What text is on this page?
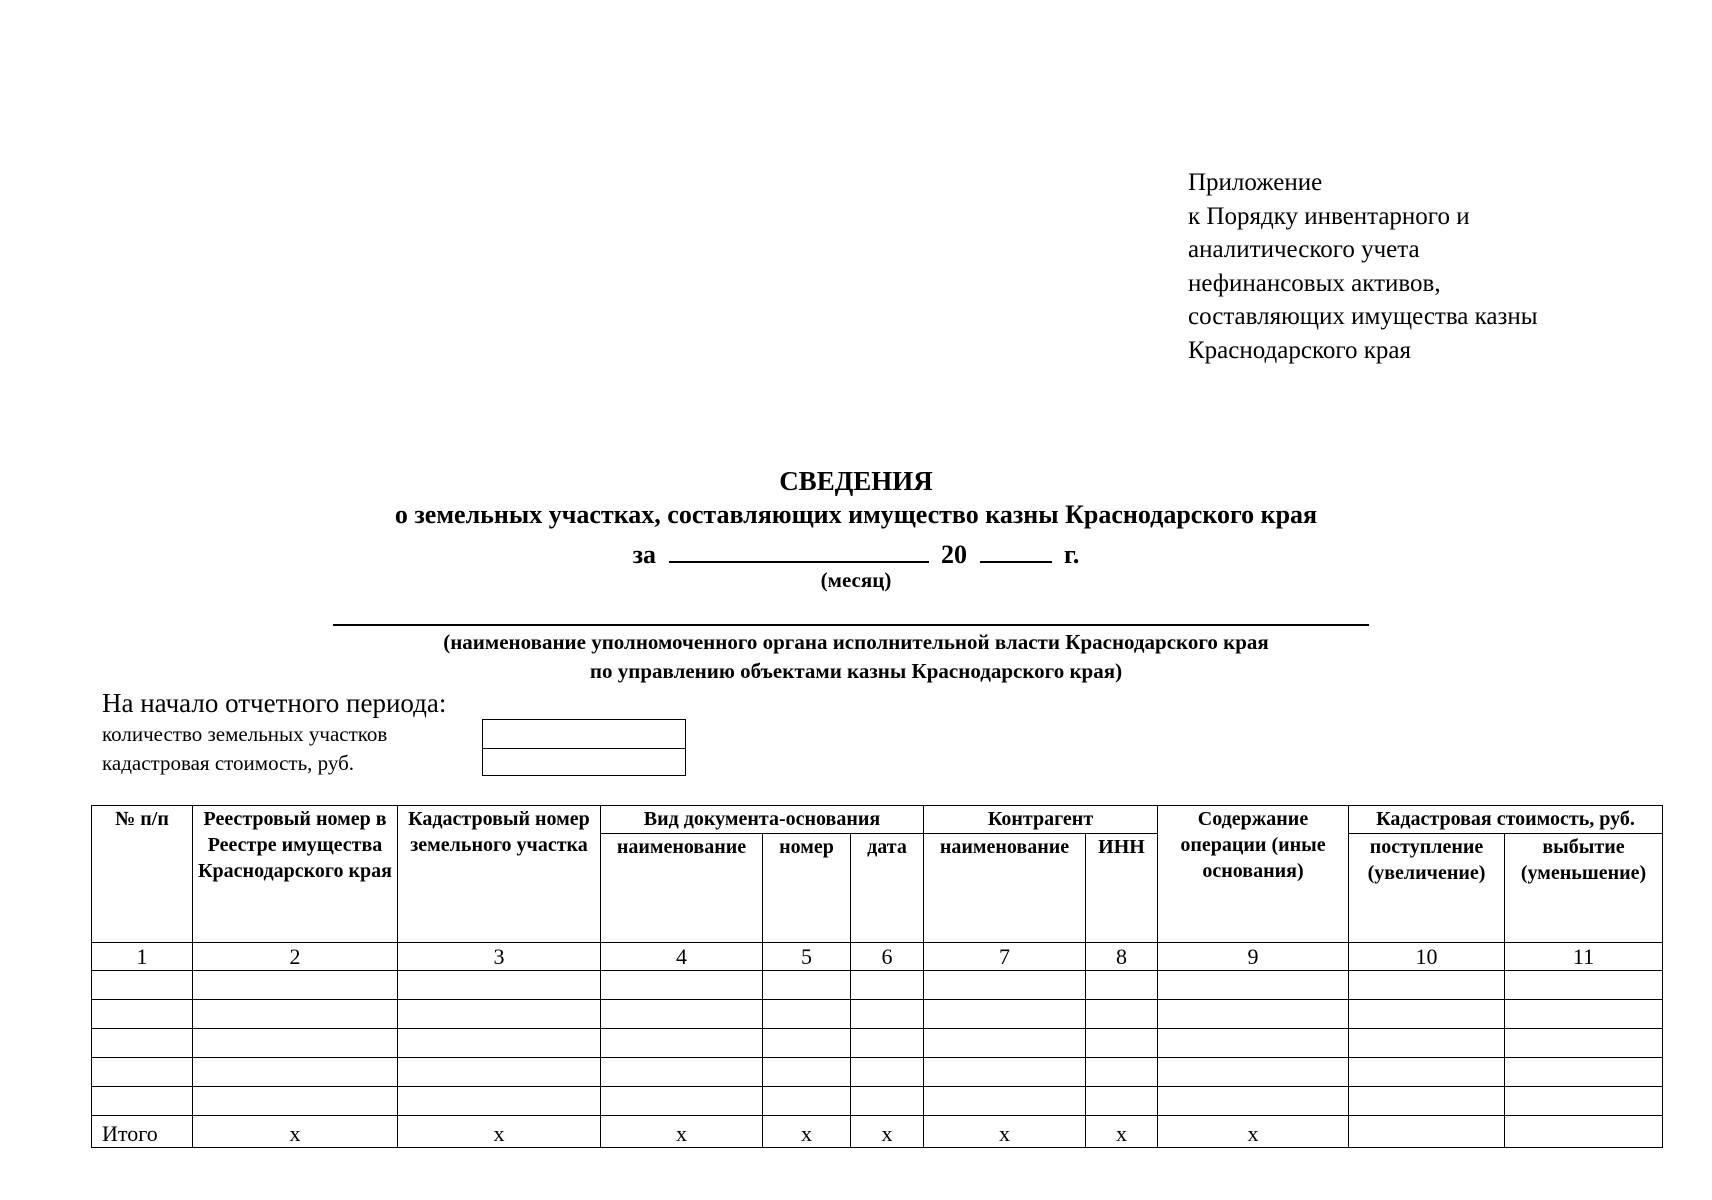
Приложение
к Порядку инвентарного и
аналитического учета
нефинансовых активов,
составляющих имущества казны
Краснодарского края
СВЕДЕНИЯ
о земельных участках, составляющих имущество казны Краснодарского края
за	20	г.
(месяц)
(наименование уполномоченного органа исполнительной власти Краснодарского края
по управлению объектами казны Краснодарского края)
На начало отчетного периода:
количество земельных участков
кадастровая стоимость, руб.
№ п/п	Реестровый номер в Реестре имущества Краснодарского края	Кадастровый номер земельного участка	Вид документа-основания			Контрагент		Содержание операции (иные основания)	Кадастровая стоимость, руб.	
			наименование	номер	дата	наименование	ИНН		поступление (увеличение)	выбытие (уменьшение)
1	2	3	4	5	6	7	8	9	10	11

Итого	х	х	х	х	х	х	х	х		
